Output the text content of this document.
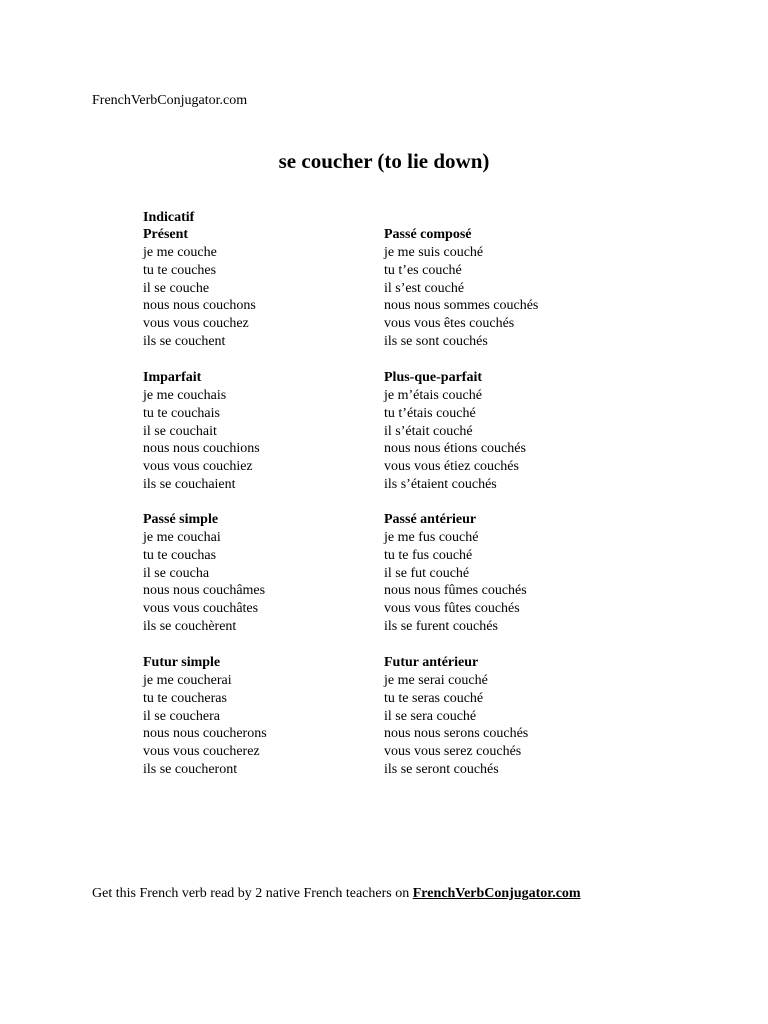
FrenchVerbConjugator.com
se coucher (to lie down)
Indicatif
Présent
je me couche
tu te couches
il se couche
nous nous couchons
vous vous couchez
ils se couchent
Passé composé
je me suis couché
tu t’es couché
il s’est couché
nous nous sommes couchés
vous vous êtes couchés
ils se sont couchés
Imparfait
je me couchais
tu te couchais
il se couchait
nous nous couchions
vous vous couchiez
ils se couchaient
Plus-que-parfait
je m’étais couché
tu t’étais couché
il s’était couché
nous nous étions couchés
vous vous étiez couchés
ils s’étaient couchés
Passé simple
je me couchai
tu te couchas
il se coucha
nous nous couchâmes
vous vous couchâtes
ils se couchèrent
Passé antérieur
je me fus couché
tu te fus couché
il se fut couché
nous nous fûmes couchés
vous vous fûtes couchés
ils se furent couchés
Futur simple
je me coucherai
tu te coucheras
il se couchera
nous nous coucherons
vous vous coucherez
ils se coucheront
Futur antérieur
je me serai couché
tu te seras couché
il se sera couché
nous nous serons couchés
vous vous serez couchés
ils se seront couchés
Get this French verb read by 2 native French teachers on FrenchVerbConjugator.com
